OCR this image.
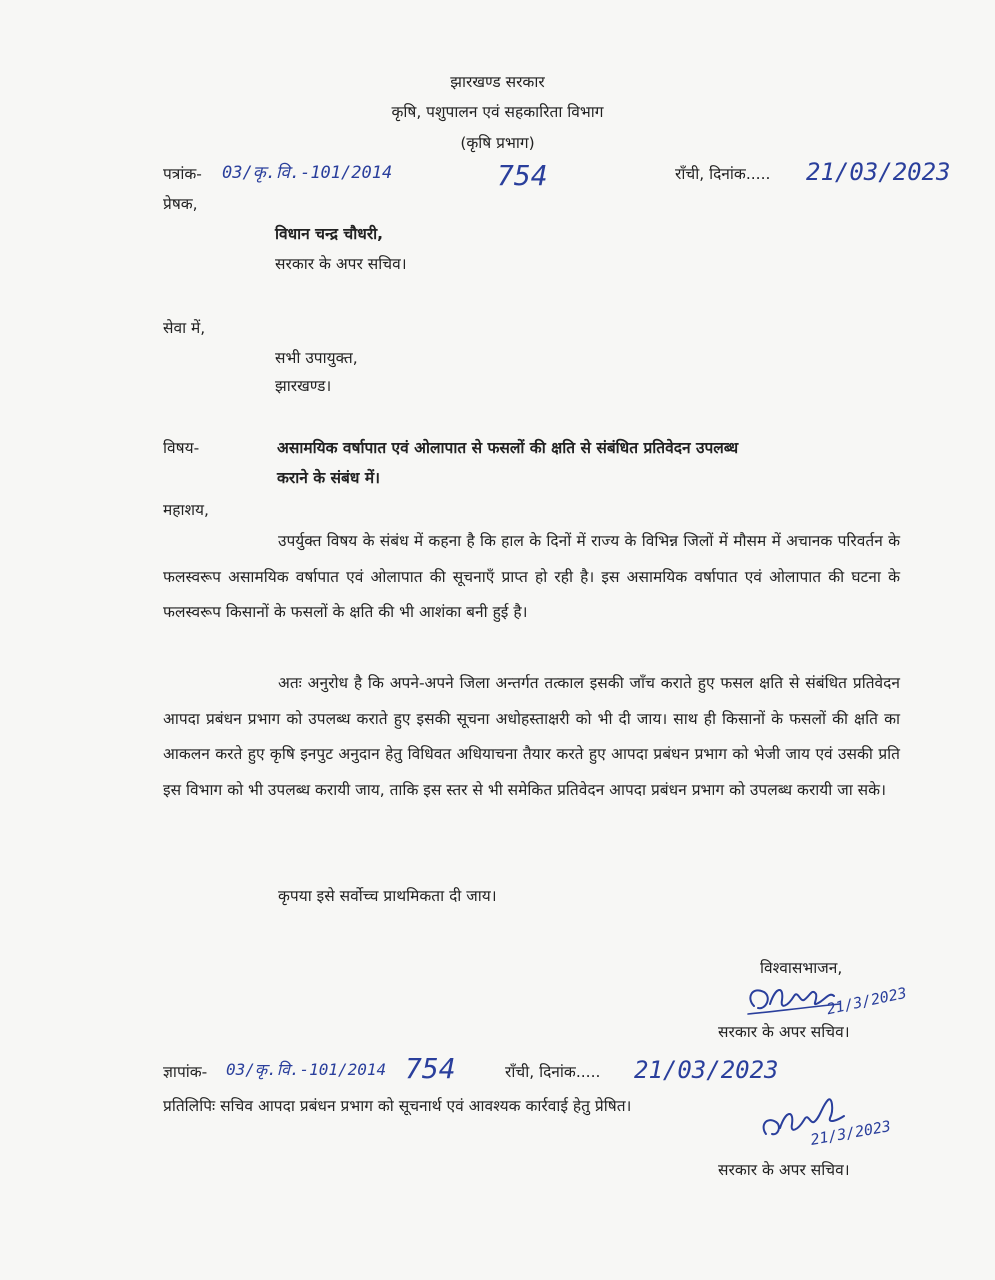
झारखण्ड सरकार
कृषि, पशुपालन एवं सहकारिता विभाग
(कृषि प्रभाग)
पत्रांक- 03/कृ.वि.-101/2014	754	राँची, दिनांक..... 21/03/2023
प्रेषक,
विधान चन्द्र चौधरी,
सरकार के अपर सचिव।
सेवा में,
सभी उपायुक्त,
झारखण्ड।
विषय-	असामयिक वर्षापात एवं ओलापात से फसलों की क्षति से संबंधित प्रतिवेदन उपलब्ध
कराने के संबंध में।
महाशय,
उपर्युक्त विषय के संबंध में कहना है कि हाल के दिनों में राज्य के विभिन्न जिलों में मौसम में अचानक परिवर्तन के फलस्वरूप असामयिक वर्षापात एवं ओलापात की सूचनाएँ प्राप्त हो रही है। इस असामयिक वर्षापात एवं ओलापात की घटना के फलस्वरूप किसानों के फसलों के क्षति की भी आशंका बनी हुई है।
अतः अनुरोध है कि अपने-अपने जिला अन्तर्गत तत्काल इसकी जाँच कराते हुए फसल क्षति से संबंधित प्रतिवेदन आपदा प्रबंधन प्रभाग को उपलब्ध कराते हुए इसकी सूचना अधोहस्ताक्षरी को भी दी जाय। साथ ही किसानों के फसलों की क्षति का आकलन करते हुए कृषि इनपुट अनुदान हेतु विधिवत अधियाचना तैयार करते हुए आपदा प्रबंधन प्रभाग को भेजी जाय एवं उसकी प्रति इस विभाग को भी उपलब्ध करायी जाय, ताकि इस स्तर से भी समेकित प्रतिवेदन आपदा प्रबंधन प्रभाग को उपलब्ध करायी जा सके।
कृपया इसे सर्वोच्च प्राथमिकता दी जाय।
विश्वासभाजन,
21/3/2023
सरकार के अपर सचिव।
ज्ञापांक- 03/कृ.वि.-101/2014 754	राँची, दिनांक..... 21/03/2023
प्रतिलिपिः सचिव आपदा प्रबंधन प्रभाग को सूचनार्थ एवं आवश्यक कार्रवाई हेतु प्रेषित।
21/3/2023
सरकार के अपर सचिव।
